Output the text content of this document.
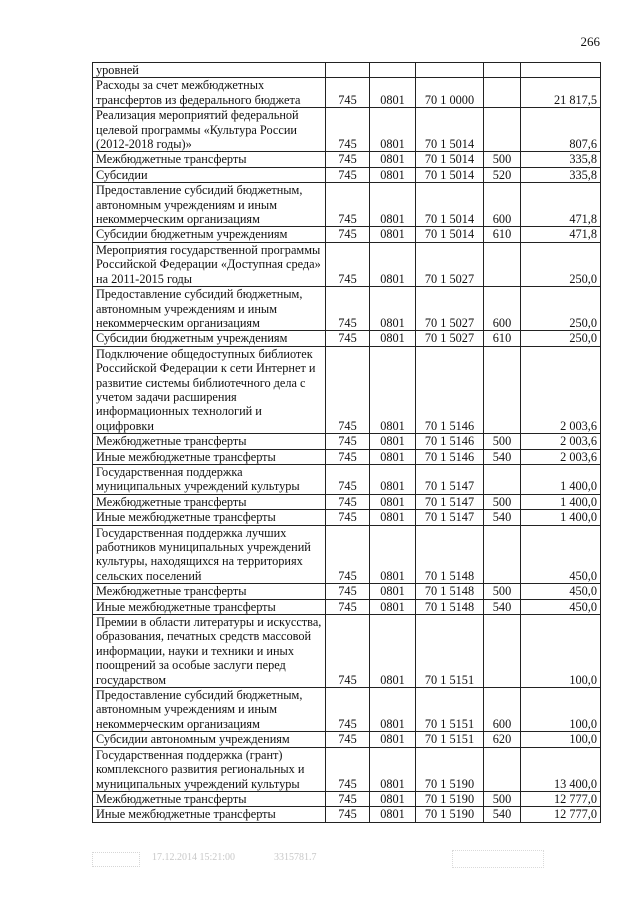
266
уровней					
Расходы за счет межбюджетных трансфертов из федерального бюджета	745	0801	70 1 0000		21 817,5
Реализация мероприятий федеральной целевой программы «Культура России (2012-2018 годы)»	745	0801	70 1 5014		807,6
Межбюджетные трансферты	745	0801	70 1 5014	500	335,8
Субсидии	745	0801	70 1 5014	520	335,8
Предоставление субсидий бюджетным, автономным учреждениям и иным некоммерческим организациям	745	0801	70 1 5014	600	471,8
Субсидии бюджетным учреждениям	745	0801	70 1 5014	610	471,8
Мероприятия государственной программы Российской Федерации «Доступная среда» на 2011-2015 годы	745	0801	70 1 5027		250,0
Предоставление субсидий бюджетным, автономным учреждениям и иным некоммерческим организациям	745	0801	70 1 5027	600	250,0
Субсидии бюджетным учреждениям	745	0801	70 1 5027	610	250,0
Подключение общедоступных библиотек Российской Федерации к сети Интернет и развитие системы библиотечного дела с учетом задачи расширения информационных технологий и оцифровки	745	0801	70 1 5146		2 003,6
Межбюджетные трансферты	745	0801	70 1 5146	500	2 003,6
Иные межбюджетные трансферты	745	0801	70 1 5146	540	2 003,6
Государственная поддержка муниципальных учреждений культуры	745	0801	70 1 5147		1 400,0
Межбюджетные трансферты	745	0801	70 1 5147	500	1 400,0
Иные межбюджетные трансферты	745	0801	70 1 5147	540	1 400,0
Государственная поддержка лучших работников муниципальных учреждений культуры, находящихся на территориях сельских поселений	745	0801	70 1 5148		450,0
Межбюджетные трансферты	745	0801	70 1 5148	500	450,0
Иные межбюджетные трансферты	745	0801	70 1 5148	540	450,0
Премии в области литературы и искусства, образования, печатных средств массовой информации, науки и техники и иных поощрений за особые заслуги перед государством	745	0801	70 1 5151		100,0
Предоставление субсидий бюджетным, автономным учреждениям и иным некоммерческим организациям	745	0801	70 1 5151	600	100,0
Субсидии автономным учреждениям	745	0801	70 1 5151	620	100,0
Государственная поддержка (грант) комплексного развития региональных и муниципальных учреждений культуры	745	0801	70 1 5190		13 400,0
Межбюджетные трансферты	745	0801	70 1 5190	500	12 777,0
Иные межбюджетные трансферты	745	0801	70 1 5190	540	12 777,0
17.12.2014 15:21:00	3315781.7
